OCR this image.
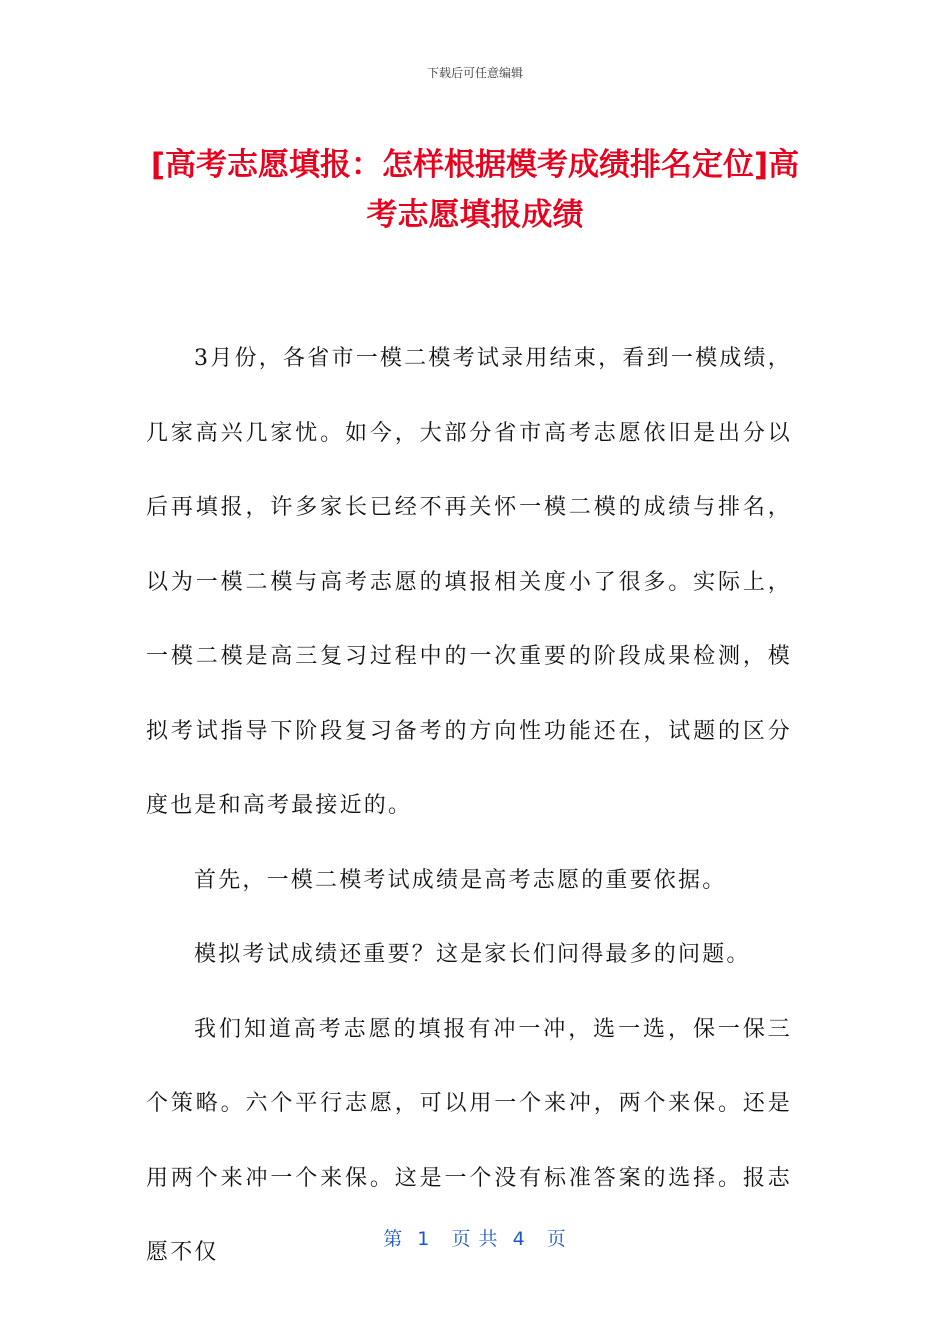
下载后可任意编辑
[高考志愿填报：怎样根据模考成绩排名定位]高考志愿填报成绩

3月份，各省市一模二模考试录用结束，看到一模成绩，几家高兴几家忧。如今，大部分省市高考志愿依旧是出分以后再填报，许多家长已经不再关怀一模二模的成绩与排名，以为一模二模与高考志愿的填报相关度小了很多。实际上，一模二模是高三复习过程中的一次重要的阶段成果检测，模拟考试指导下阶段复习备考的方向性功能还在，试题的区分度也是和高考最接近的。

首先，一模二模考试成绩是高考志愿的重要依据。

模拟考试成绩还重要？这是家长们问得最多的问题。

我们知道高考志愿的填报有冲一冲，选一选，保一保三个策略。六个平行志愿，可以用一个来冲，两个来保。还是用两个来冲一个来保。这是一个没有标准答案的选择。报志愿不仅

第  1   页 共  4   页
